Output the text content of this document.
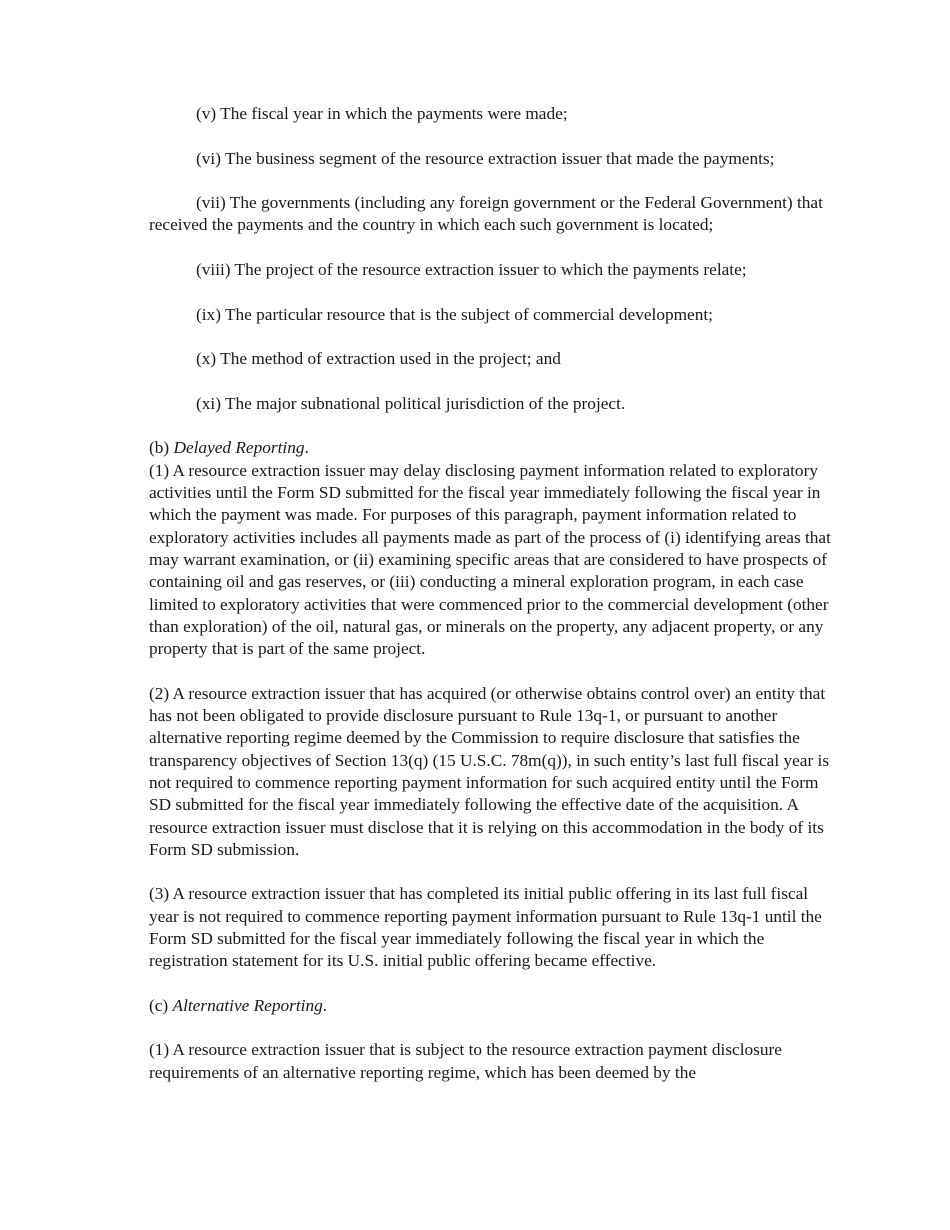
(v) The fiscal year in which the payments were made;

(vi) The business segment of the resource extraction issuer that made the payments;

(vii) The governments (including any foreign government or the Federal Government) that received the payments and the country in which each such government is located;

(viii) The project of the resource extraction issuer to which the payments relate;

(ix) The particular resource that is the subject of commercial development;

(x) The method of extraction used in the project; and

(xi) The major subnational political jurisdiction of the project.

(b) Delayed Reporting.

(1) A resource extraction issuer may delay disclosing payment information related to exploratory activities until the Form SD submitted for the fiscal year immediately following the fiscal year in which the payment was made. For purposes of this paragraph, payment information related to exploratory activities includes all payments made as part of the process of (i) identifying areas that may warrant examination, or (ii) examining specific areas that are considered to have prospects of containing oil and gas reserves, or (iii) conducting a mineral exploration program, in each case limited to exploratory activities that were commenced prior to the commercial development (other than exploration) of the oil, natural gas, or minerals on the property, any adjacent property, or any property that is part of the same project.

(2) A resource extraction issuer that has acquired (or otherwise obtains control over) an entity that has not been obligated to provide disclosure pursuant to Rule 13q-1, or pursuant to another alternative reporting regime deemed by the Commission to require disclosure that satisfies the transparency objectives of Section 13(q) (15 U.S.C. 78m(q)), in such entity’s last full fiscal year is not required to commence reporting payment information for such acquired entity until the Form SD submitted for the fiscal year immediately following the effective date of the acquisition. A resource extraction issuer must disclose that it is relying on this accommodation in the body of its Form SD submission.

(3) A resource extraction issuer that has completed its initial public offering in its last full fiscal year is not required to commence reporting payment information pursuant to Rule 13q-1 until the Form SD submitted for the fiscal year immediately following the fiscal year in which the registration statement for its U.S. initial public offering became effective.

(c) Alternative Reporting.

(1) A resource extraction issuer that is subject to the resource extraction payment disclosure requirements of an alternative reporting regime, which has been deemed by the
